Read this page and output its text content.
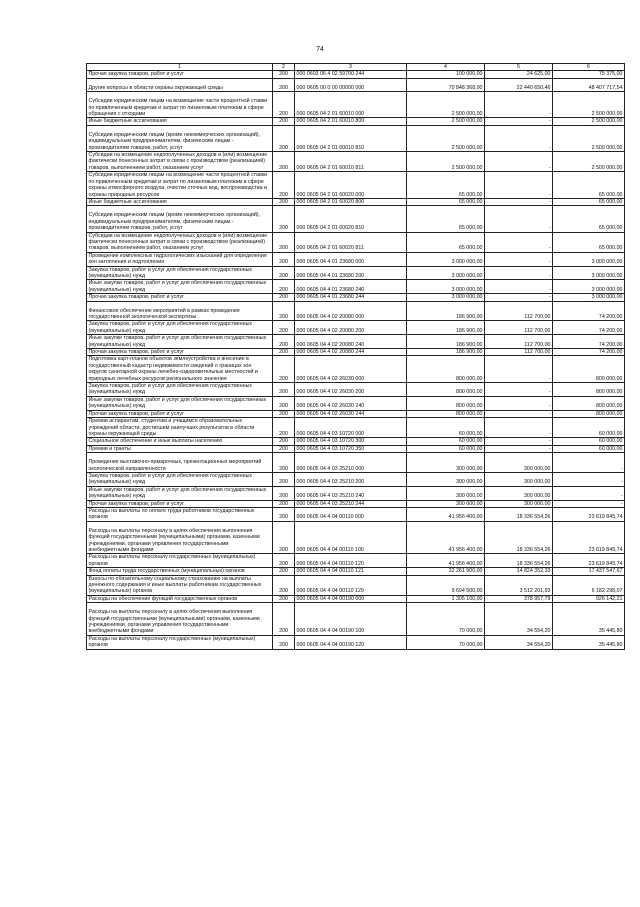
74
1	2	3	4	5	6
Прочая закупка товаров, работ и услуг	200	000 0603 06 4 02 59700 244	100 000,00	24 625,00	75 375,00
Другие вопросы в области охраны окружающей среды	200	000 0605 00 0 00 00000 000	70 848 368,00	22 440 650,46	48 407 717,54
Субсидии юридическим лицам на возмещение части процентной ставки по привлеченным кредитам и затрат по лизинговым платежам в сфере обращения с отходами	200	000 0605 04 2 01 60010 000	2 500 000,00	-	2 500 000,00
Иные бюджетные ассигнования	200	000 0605 04 2 01 60010 800	2 500 000,00	-	2 500 000,00
Субсидии юридическим лицам (кроме некоммерческих организаций), индивидуальным предпринимателям, физическим лицам - производителям товаров, работ, услуг	200	000 0605 04 2 01 60010 810	2 500 000,00	-	2 500 000,00
Субсидии на возмещение недополученных доходов и (или) возмещение фактически понесенных затрат в связи с производством (реализацией) товаров, выполнением работ, оказанием услуг	200	000 0605 04 2 01 60010 811	2 500 000,00	-	2 500 000,00
Субсидии юридическим лицам на возмещение части процентной ставки по привлеченным кредитам и затрат по лизинговым платежам в сфере охраны атмосферного воздуха, очистки сточных вод, воспроизводства и охраны природных ресурсов	200	000 0605 04 2 01 60020 000	65 000,00	-	65 000,00
Иные бюджетные ассигнования	200	000 0605 04 2 01 60020 800	65 000,00	-	65 000,00
Субсидии юридическим лицам (кроме некоммерческих организаций), индивидуальным предпринимателям, физическим лицам - производителям товаров, работ, услуг	200	000 0605 04 2 01 60020 810	65 000,00	-	65 000,00
Субсидии на возмещение недополученных доходов и (или) возмещение фактически понесенных затрат в связи с производством (реализацией) товаров, выполнением работ, оказанием услуг	200	000 0605 04 2 01 60020 811	65 000,00	-	65 000,00
Проведение комплексных гидрологических изысканий для определения зон затопления и подтопления	200	000 0605 04 4 01 23680 000	3 000 000,00	-	3 000 000,00
Закупка товаров, работ и услуг для обеспечения государственных (муниципальных) нужд	200	000 0605 04 4 01 23680 200	3 000 000,00	-	3 000 000,00
Иные закупки товаров, работ и услуг для обеспечения государственных (муниципальных) нужд	200	000 0605 04 4 01 23680 240	3 000 000,00	-	3 000 000,00
Прочая закупка товаров, работ и услуг	200	000 0605 04 4 01 23680 244	3 000 000,00	-	3 000 000,00
Финансовое обеспечение мероприятий в рамках проведения государственной экологической экспертизы	200	000 0605 04 4 02 20080 000	186 900,00	112 700,00	74 200,00
Закупка товаров, работ и услуг для обеспечения государственных (муниципальных) нужд	200	000 0605 04 4 02 20080 200	186 900,00	112 700,00	74 200,00
Иные закупки товаров, работ и услуг для обеспечения государственных (муниципальных) нужд	200	000 0605 04 4 02 20080 240	186 900,00	112 700,00	74 200,00
Прочая закупка товаров, работ и услуг	200	000 0605 04 4 02 20080 244	186 900,00	112 700,00	74 200,00
Подготовка карт-планов объектов землеустройства и внесение в государственный кадастр недвижимости сведений о границах зон округов санитарной охраны лечебно-оздоровительных местностей и природных лечебных ресурсов регионального значения	200	000 0605 04 4 02 26030 000	800 000,00	-	800 000,00
Закупка товаров, работ и услуг для обеспечения государственных (муниципальных) нужд	200	000 0605 04 4 02 26030 200	800 000,00	-	800 000,00
Иные закупки товаров, работ и услуг для обеспечения государственных (муниципальных) нужд	200	000 0605 04 4 02 26030 240	800 000,00	-	800 000,00
Прочая закупка товаров, работ и услуг	200	000 0605 04 4 02 26030 244	800 000,00	-	800 000,00
Премии аспирантам, студентам и учащимся образовательных учреждений области, достигшим наилучших результатов в области охраны окружающей среды	200	000 0605 04 4 03 10720 000	60 000,00	-	60 000,00
Социальное обеспечение и иные выплаты населению	200	000 0605 04 4 03 10720 300	60 000,00	-	60 000,00
Премии и гранты	200	000 0605 04 4 03 10720 350	60 000,00	-	60 000,00
Проведение выставочно-ярмарочных, презентационных мероприятий экологической направленности	200	000 0605 04 4 03 25210 000	300 000,00	300 000,00	-
Закупка товаров, работ и услуг для обеспечения государственных (муниципальных) нужд	200	000 0605 04 4 03 25210 200	300 000,00	300 000,00	-
Иные закупки товаров, работ и услуг для обеспечения государственных (муниципальных) нужд	200	000 0605 04 4 03 25210 240	300 000,00	300 000,00	-
Прочая закупка товаров, работ и услуг	200	000 0605 04 4 03 25210 244	300 000,00	300 000,00	-
Расходы на выплаты по оплате труда работников государственных органов	200	000 0605 04 4 04 00110 000	41 956 400,00	18 336 554,26	23 619 845,74
Расходы на выплаты персоналу в целях обеспечения выполнения функций государственными (муниципальными) органами, казенными учреждениями, органами управления государственными внебюджетными фондами	200	000 0605 04 4 04 00110 100	41 956 400,00	18 336 554,26	23 619 845,74
Расходы на выплаты персоналу государственных (муниципальных) органов	200	000 0605 04 4 04 00110 120	41 956 400,00	18 336 554,26	23 619 845,74
Фонд оплаты труда государственных (муниципальных) органов	200	000 0605 04 4 04 00110 121	32 261 900,00	14 824 352,33	17 437 547,67
Взносы по обязательному социальному страхованию на выплаты денежного содержания и иные выплаты работникам государственных (муниципальных) органов	200	000 0605 04 4 04 00110 129	9 694 500,00	3 512 201,93	6 182 298,07
Расходы на обеспечение функций государственных органов	200	000 0605 04 4 04 00190 000	1 305 100,00	378 957,79	926 142,21
Расходы на выплаты персоналу в целях обеспечения выполнения функций государственными (муниципальными) органами, казенными учреждениями, органами управления государственными внебюджетными фондами	200	000 0605 04 4 04 00190 100	70 000,00	34 554,20	35 445,80
Расходы на выплаты персоналу государственных (муниципальных) органов	200	000 0605 04 4 04 00190 120	70 000,00	34 554,20	35 445,80
